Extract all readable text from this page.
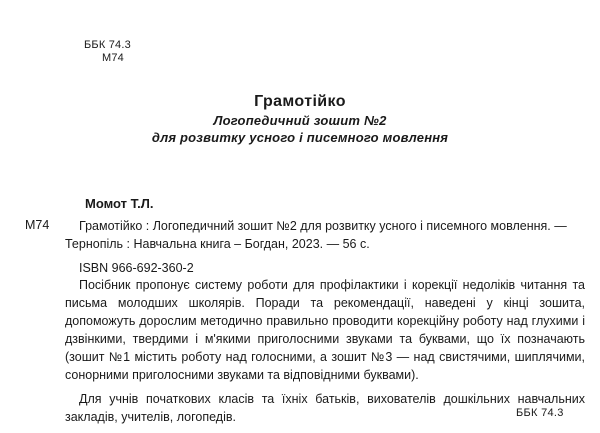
ББК 74.3
М74
Грамотійко
Логопедичний зошит №2
для розвитку усного і писемного мовлення
Момот Т.Л.
М74	Грамотійко : Логопедичний зошит №2 для розвитку усного і писемного мовлення. — Тернопіль : Навчальна книга – Богдан, 2023. — 56 с.
ISBN 966-692-360-2

Посібник пропонує систему роботи для профілактики і корекції недоліків читання та письма молодших школярів. Поради та рекомендації, наведені у кінці зошита, допоможуть дорослим методично правильно проводити корекційну роботу над глухими і дзвінкими, твердими і м'якими приголосними звуками та буквами, що їх позначають (зошит №1 містить роботу над голосними, а зошит №3 — над свистячими, шиплячими, сонорними приголосними звуками та відповідними буквами).

Для учнів початкових класів та їхніх батьків, вихователів дошкільних навчальних закладів, учителів, логопедів.	ББК 74.3
